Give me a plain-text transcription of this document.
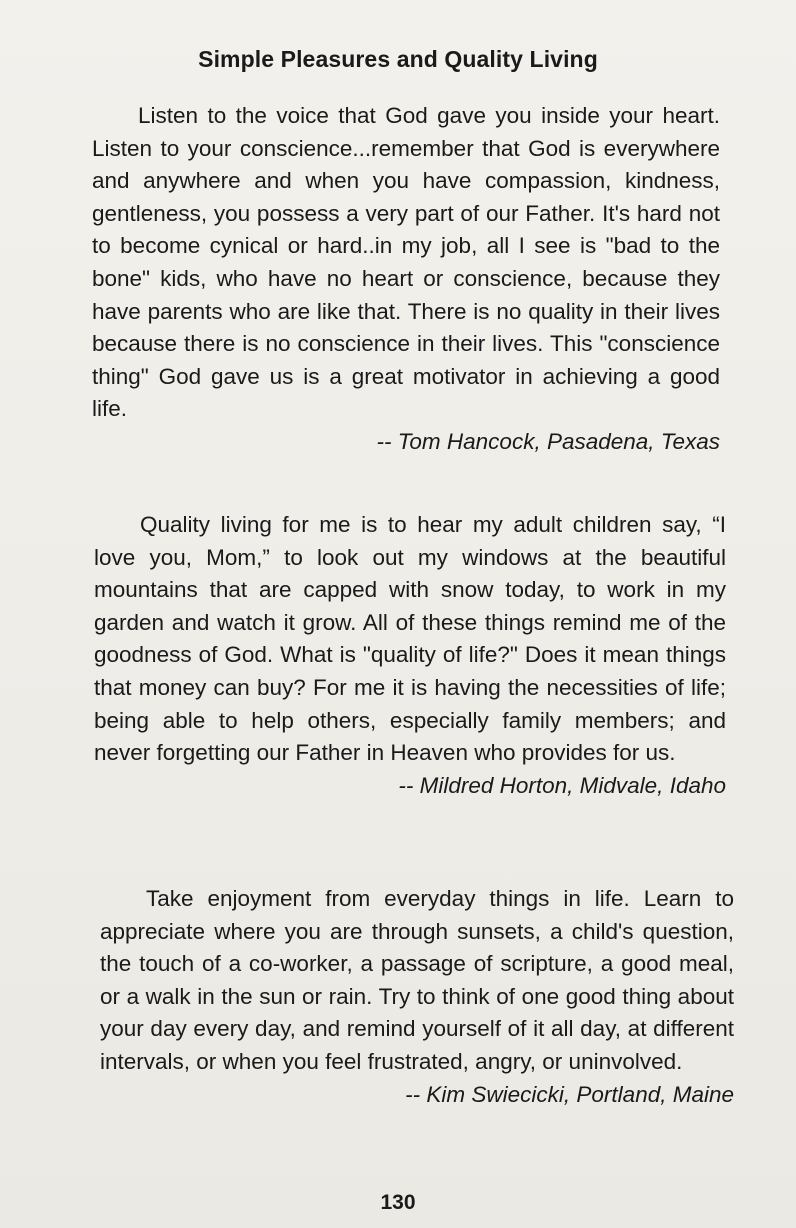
Simple Pleasures and Quality Living

Listen to the voice that God gave you inside your heart. Listen to your conscience...remember that God is everywhere and anywhere and when you have compassion, kindness, gentleness, you possess a very part of our Father. It's hard not to become cynical or hard..in my job, all I see is "bad to the bone" kids, who have no heart or conscience, because they have parents who are like that. There is no quality in their lives because there is no conscience in their lives. This "conscience thing" God gave us is a great motivator in achieving a good life.

-- Tom Hancock, Pasadena, Texas

Quality living for me is to hear my adult children say, “I love you, Mom,” to look out my windows at the beautiful mountains that are capped with snow today, to work in my garden and watch it grow. All of these things remind me of the goodness of God. What is "quality of life?" Does it mean things that money can buy? For me it is having the necessities of life; being able to help others, especially family members; and never forgetting our Father in Heaven who provides for us.

-- Mildred Horton, Midvale, Idaho

Take enjoyment from everyday things in life. Learn to appreciate where you are through sunsets, a child's question, the touch of a co-worker, a passage of scripture, a good meal, or a walk in the sun or rain. Try to think of one good thing about your day every day, and remind yourself of it all day, at different intervals, or when you feel frustrated, angry, or uninvolved.

-- Kim Swiecicki, Portland, Maine
130
